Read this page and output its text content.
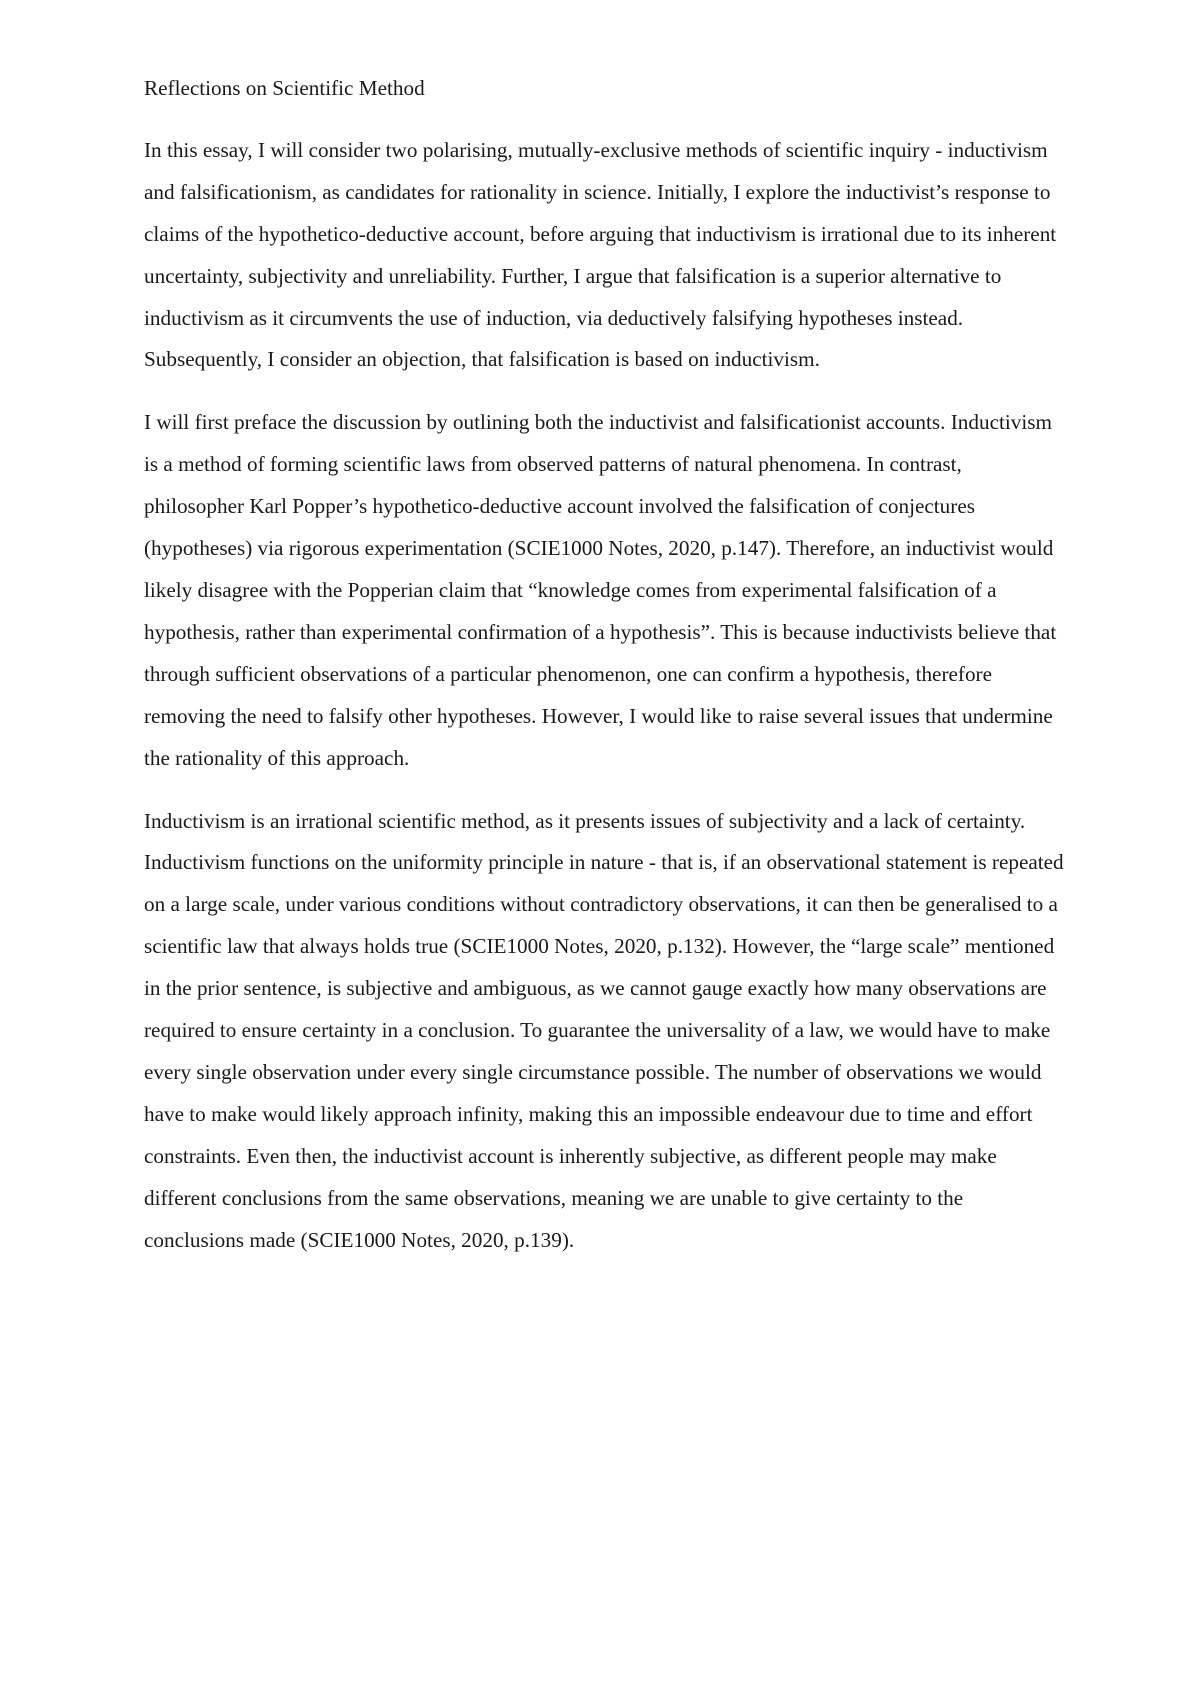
Reflections on Scientific Method

In this essay, I will consider two polarising, mutually-exclusive methods of scientific inquiry - inductivism and falsificationism, as candidates for rationality in science. Initially, I explore the inductivist’s response to claims of the hypothetico-deductive account, before arguing that inductivism is irrational due to its inherent uncertainty, subjectivity and unreliability. Further, I argue that falsification is a superior alternative to inductivism as it circumvents the use of induction, via deductively falsifying hypotheses instead. Subsequently, I consider an objection, that falsification is based on inductivism.

I will first preface the discussion by outlining both the inductivist and falsificationist accounts. Inductivism is a method of forming scientific laws from observed patterns of natural phenomena. In contrast, philosopher Karl Popper’s hypothetico-deductive account involved the falsification of conjectures (hypotheses) via rigorous experimentation (SCIE1000 Notes, 2020, p.147). Therefore, an inductivist would likely disagree with the Popperian claim that “knowledge comes from experimental falsification of a hypothesis, rather than experimental confirmation of a hypothesis”. This is because inductivists believe that through sufficient observations of a particular phenomenon, one can confirm a hypothesis, therefore removing the need to falsify other hypotheses. However, I would like to raise several issues that undermine the rationality of this approach.

Inductivism is an irrational scientific method, as it presents issues of subjectivity and a lack of certainty. Inductivism functions on the uniformity principle in nature - that is, if an observational statement is repeated on a large scale, under various conditions without contradictory observations, it can then be generalised to a scientific law that always holds true (SCIE1000 Notes, 2020, p.132). However, the “large scale” mentioned in the prior sentence, is subjective and ambiguous, as we cannot gauge exactly how many observations are required to ensure certainty in a conclusion. To guarantee the universality of a law, we would have to make every single observation under every single circumstance possible. The number of observations we would have to make would likely approach infinity, making this an impossible endeavour due to time and effort constraints. Even then, the inductivist account is inherently subjective, as different people may make different conclusions from the same observations, meaning we are unable to give certainty to the conclusions made (SCIE1000 Notes, 2020, p.139).
